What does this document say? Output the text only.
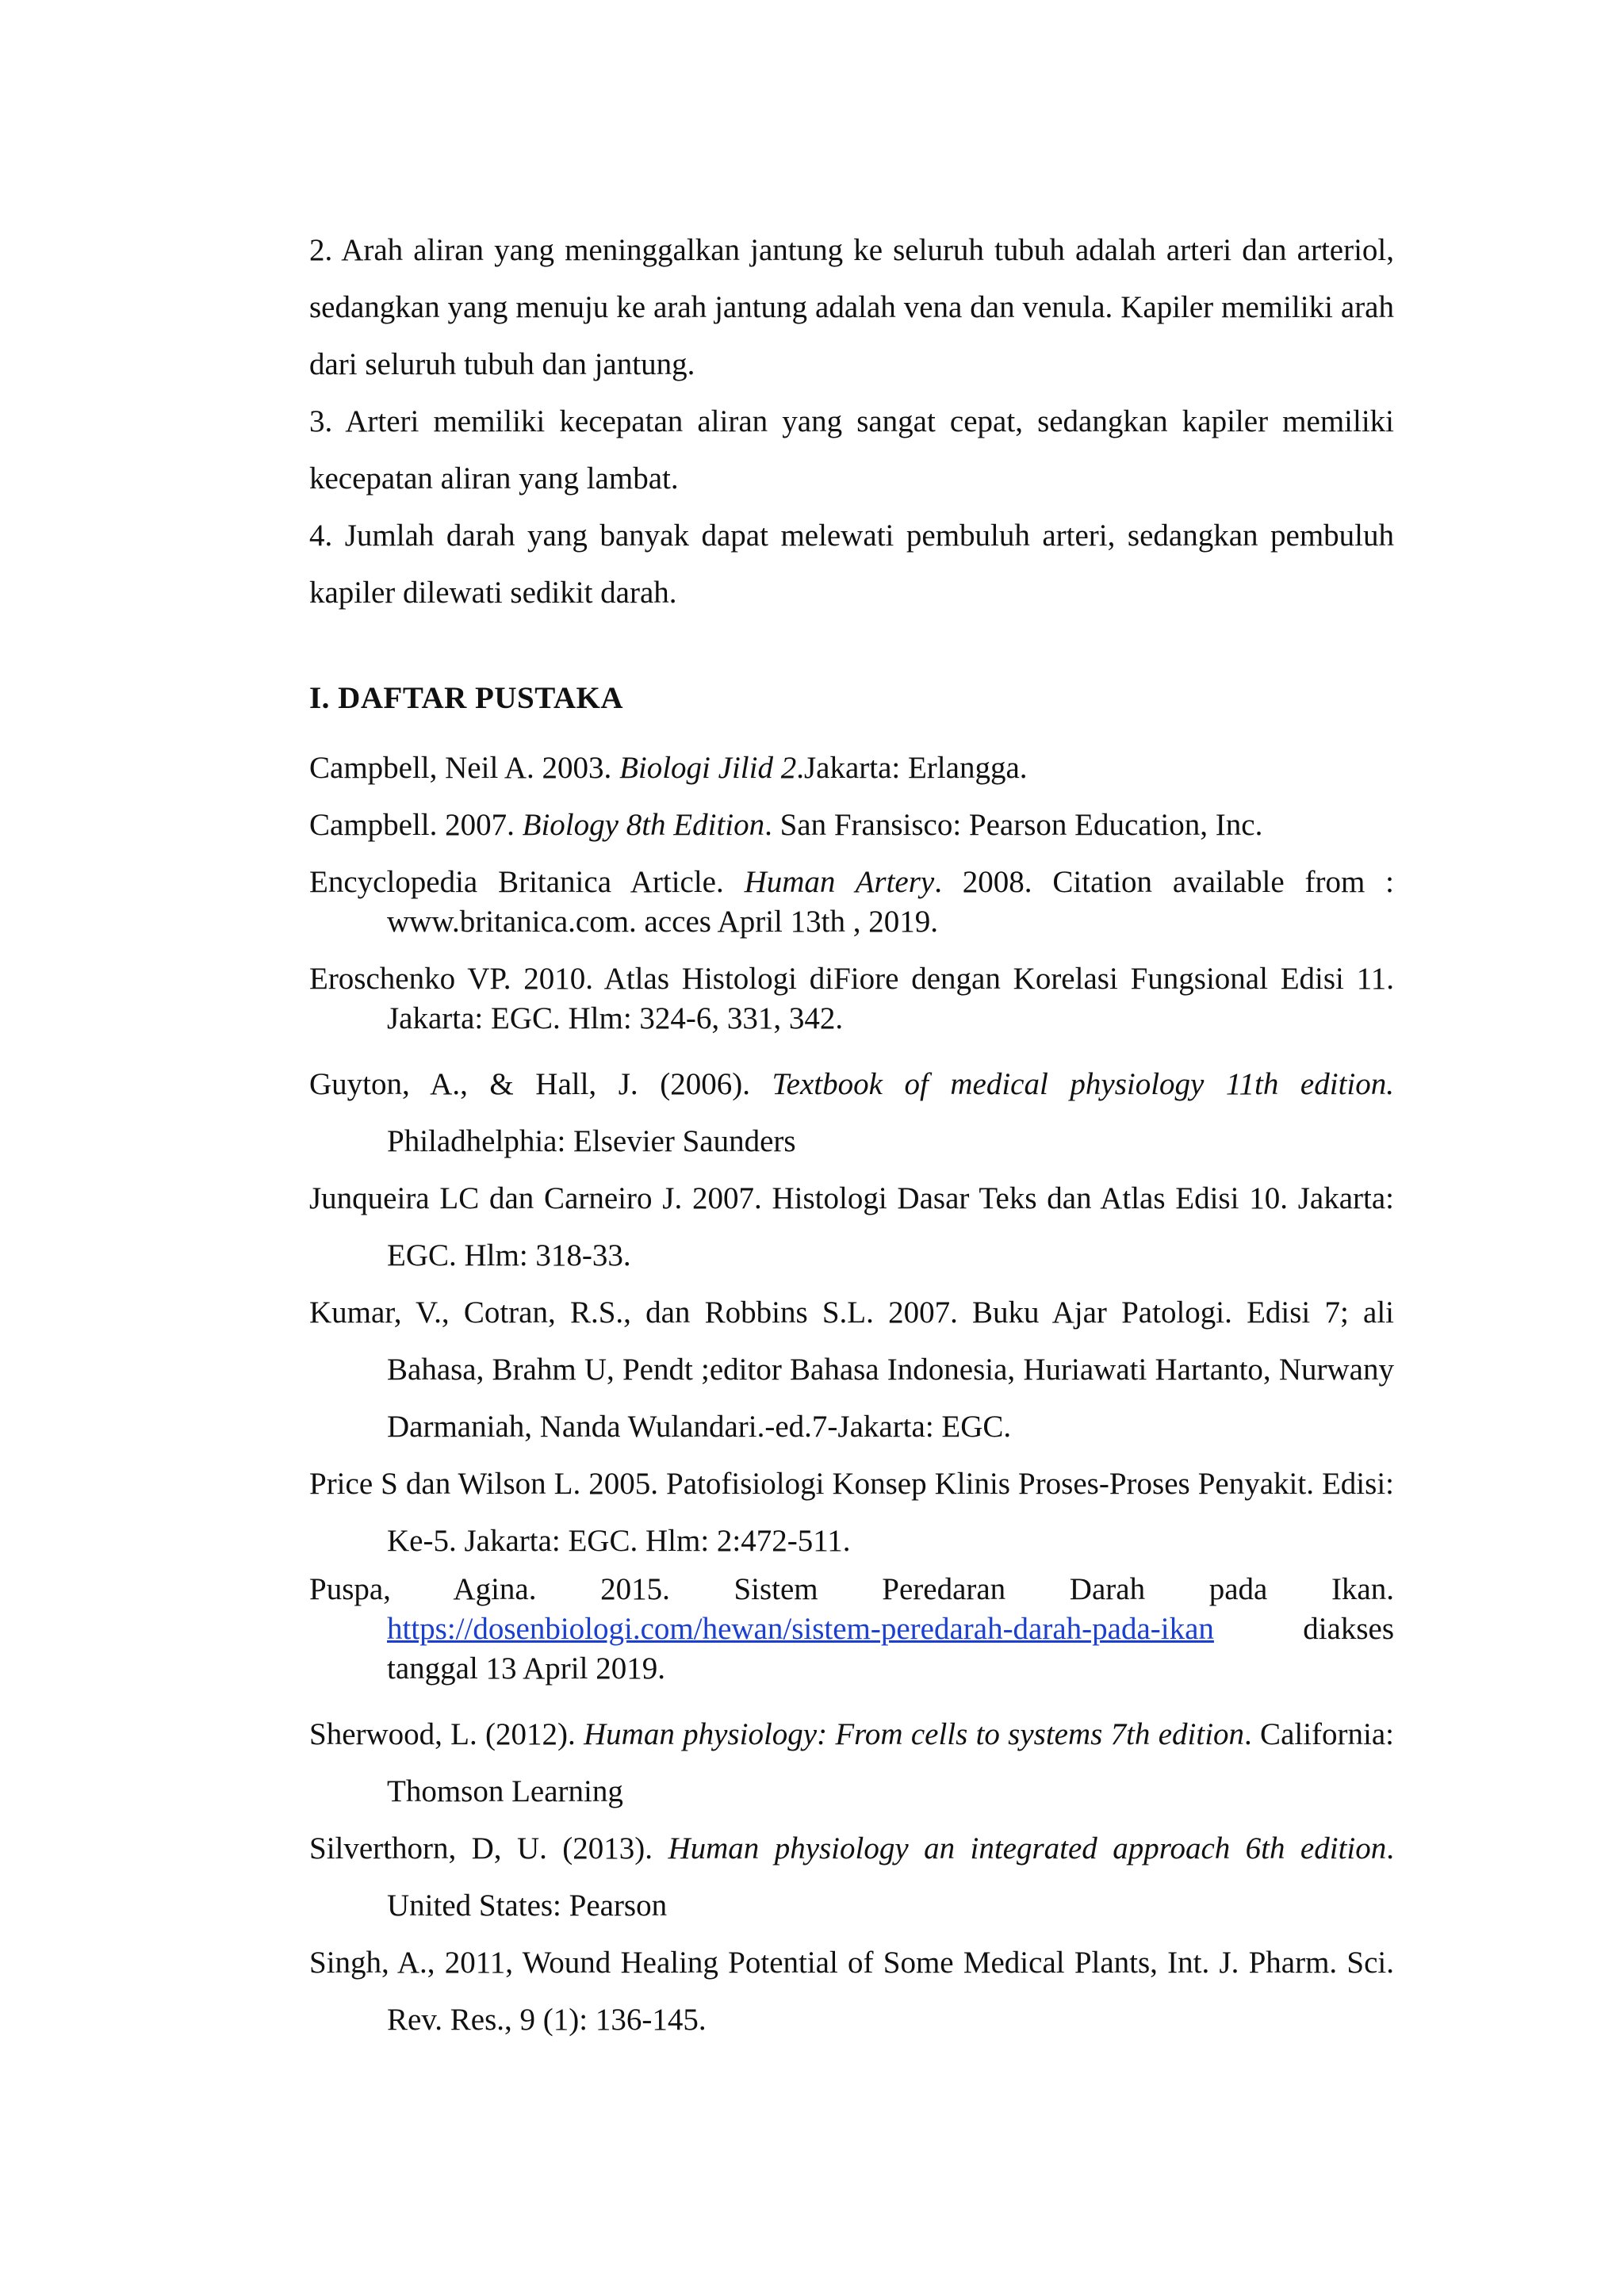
2. Arah aliran yang meninggalkan jantung ke seluruh tubuh adalah arteri dan arteriol, sedangkan yang menuju ke arah jantung adalah vena dan venula. Kapiler memiliki arah dari seluruh tubuh dan jantung.

3. Arteri memiliki kecepatan aliran yang sangat cepat, sedangkan kapiler memiliki kecepatan aliran yang lambat.

4. Jumlah darah yang banyak dapat melewati pembuluh arteri, sedangkan pembuluh kapiler dilewati sedikit darah.

I. DAFTAR PUSTAKA
Campbell, Neil A. 2003. Biologi Jilid 2.Jakarta: Erlangga.
Campbell. 2007. Biology 8th Edition. San Fransisco: Pearson Education, Inc.
Encyclopedia Britanica Article. Human Artery. 2008. Citation available from : www.britanica.com. acces April 13th , 2019.
Eroschenko VP. 2010. Atlas Histologi diFiore dengan Korelasi Fungsional Edisi 11. Jakarta: EGC. Hlm: 324-6, 331, 342.
Guyton, A., & Hall, J. (2006). Textbook of medical physiology 11th edition. Philadhelphia: Elsevier Saunders
Junqueira LC dan Carneiro J. 2007. Histologi Dasar Teks dan Atlas Edisi 10. Jakarta: EGC. Hlm: 318-33.
Kumar, V., Cotran, R.S., dan Robbins S.L. 2007. Buku Ajar Patologi. Edisi 7; ali Bahasa, Brahm U, Pendt ;editor Bahasa Indonesia, Huriawati Hartanto, Nurwany Darmaniah, Nanda Wulandari.-ed.7-Jakarta: EGC.
Price S dan Wilson L. 2005. Patofisiologi Konsep Klinis Proses-Proses Penyakit. Edisi: Ke-5. Jakarta: EGC. Hlm: 2:472-511.
Puspa, Agina. 2015. Sistem Peredaran Darah pada Ikan. https://dosenbiologi.com/hewan/sistem-peredarah-darah-pada-ikan diakses tanggal 13 April 2019.
Sherwood, L. (2012). Human physiology: From cells to systems 7th edition. California: Thomson Learning
Silverthorn, D, U. (2013). Human physiology an integrated approach 6th edition. United States: Pearson
Singh, A., 2011, Wound Healing Potential of Some Medical Plants, Int. J. Pharm. Sci. Rev. Res., 9 (1): 136-145.
